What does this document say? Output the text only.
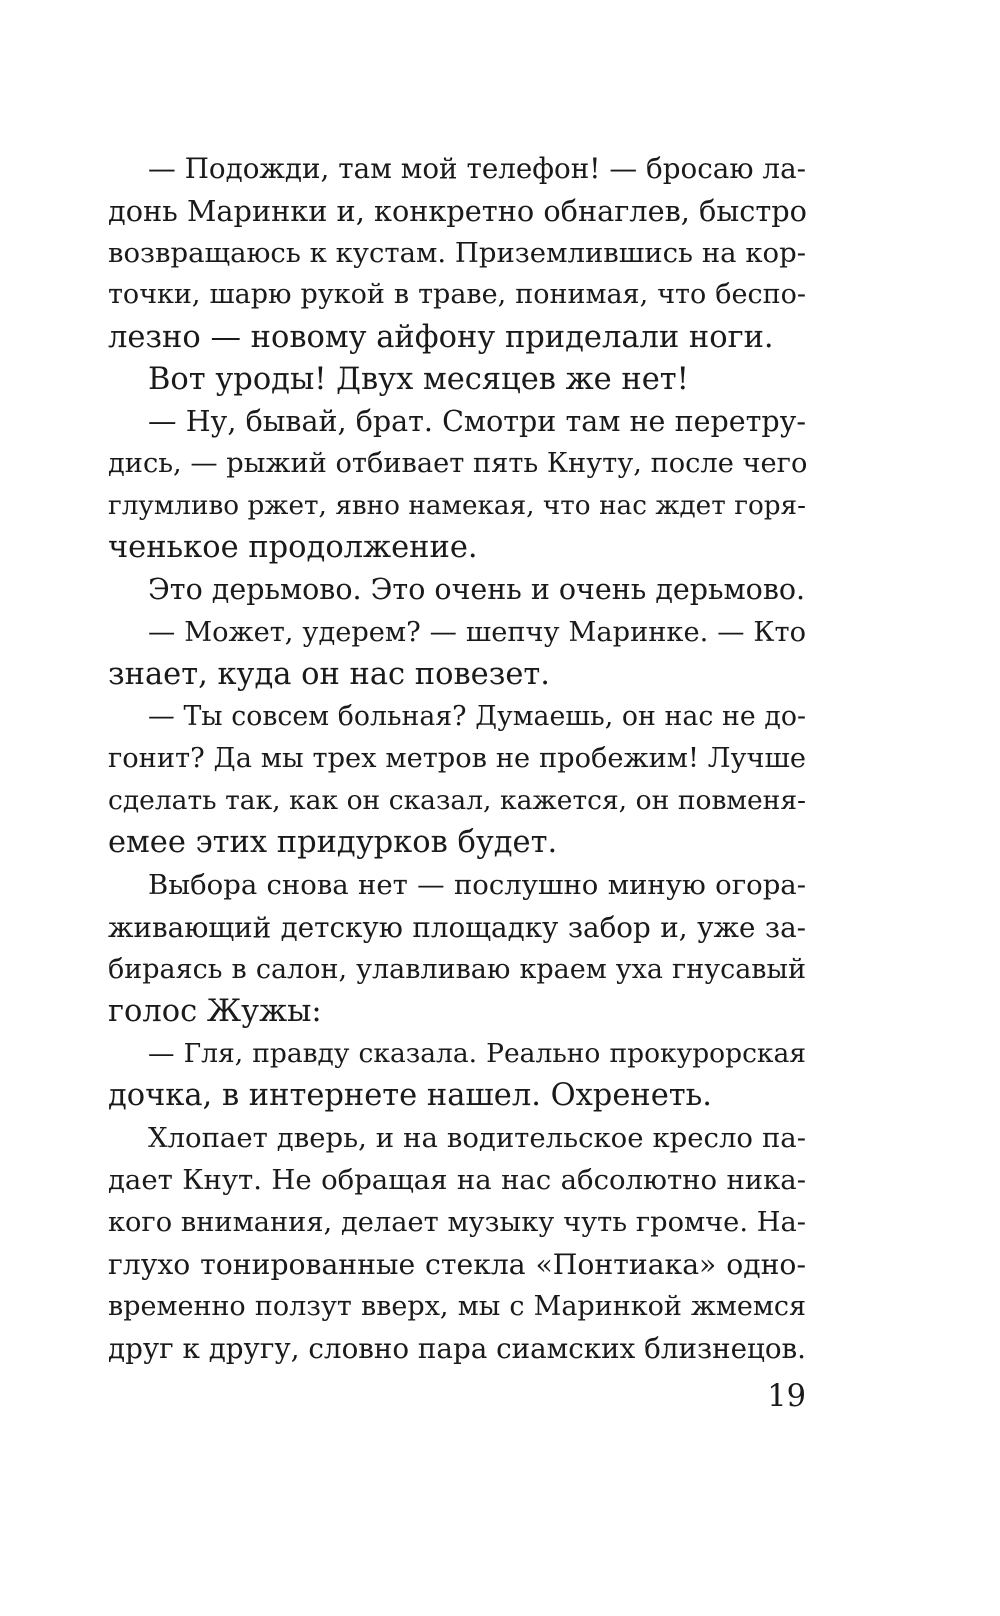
— Подожди, там мой телефон! — бросаю ла-
донь Маринки и, конкретно обнаглев, быстро
возвращаюсь к кустам. Приземлившись на кор-
точки, шарю рукой в траве, понимая, что беспо-
лезно — новому айфону приделали ноги.
Вот уроды! Двух месяцев же нет!
— Ну, бывай, брат. Смотри там не перетру-
дись, — рыжий отбивает пять Кнуту, после чего
глумливо ржет, явно намекая, что нас ждет горя-
ченькое продолжение.
Это дерьмово. Это очень и очень дерьмово.
— Может, удерем? — шепчу Маринке. — Кто
знает, куда он нас повезет.
— Ты совсем больная? Думаешь, он нас не до-
гонит? Да мы трех метров не пробежим! Лучше
сделать так, как он сказал, кажется, он повменя-
емее этих придурков будет.
Выбора снова нет — послушно миную огора-
живающий детскую площадку забор и, уже за-
бираясь в салон, улавливаю краем уха гнусавый
голос Жужы:
— Гля, правду сказала. Реально прокурорская
дочка, в интернете нашел. Охренеть.
Хлопает дверь, и на водительское кресло па-
дает Кнут. Не обращая на нас абсолютно ника-
кого внимания, делает музыку чуть громче. На-
глухо тонированные стекла «Понтиака» одно-
временно ползут вверх, мы с Маринкой жмемся
друг к другу, словно пара сиамских близнецов.
19
